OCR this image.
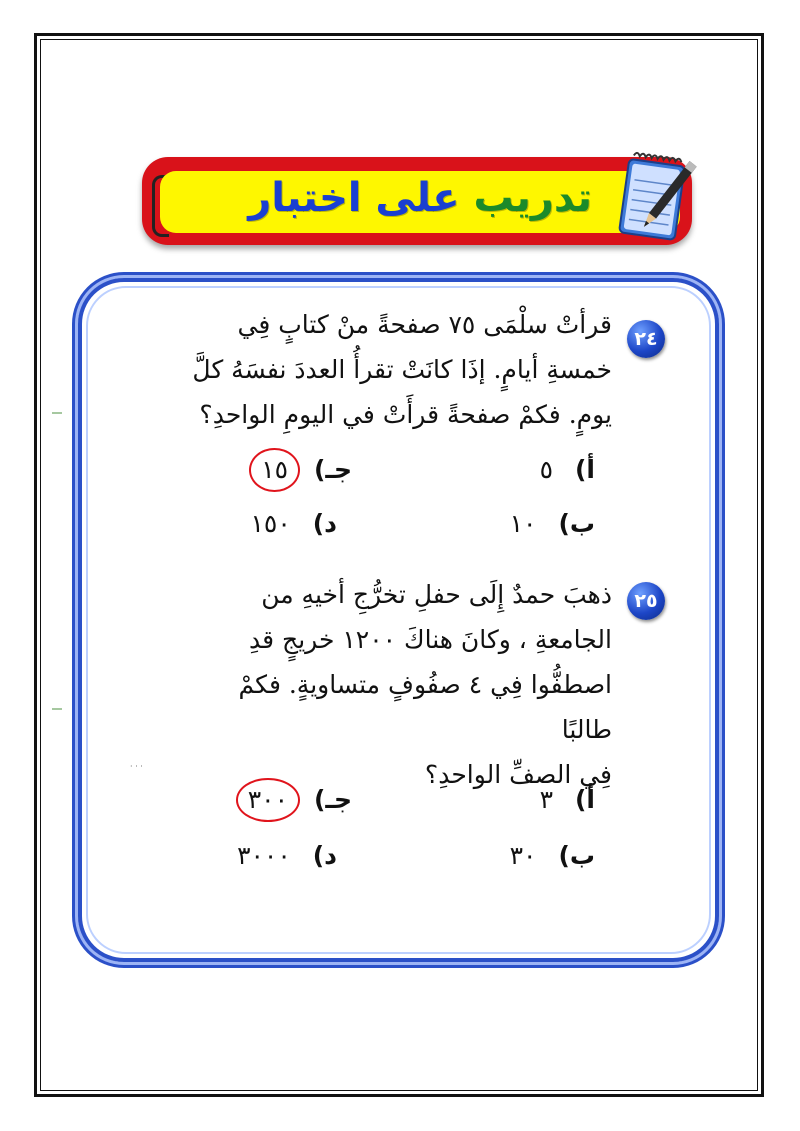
تدريب على اختبار
٢٤
قرأتْ سلْمَى ٧٥ صفحةً منْ كتابٍ فِي
خمسةِ أيامٍ. إذَا كانَتْ تقرأُ العددَ نفسَهُ كلَّ
يومٍ. فكمْ صفحةً قرأَتْ في اليومِ الواحدِ؟
أ) ٥
جـ) ١٥
ب) ١٠
د) ١٥٠
٢٥
ذهبَ حمدٌ إِلَى حفلِ تخرُّجِ أخيهِ من
الجامعةِ ، وكانَ هناكَ ١٢٠٠ خريجٍ قدِ
اصطفُّوا فِي ٤ صفُوفٍ متساويةٍ. فكمْ طالبًا
فِي الصفِّ الواحدِ؟
· · ·
أ) ٣
جـ) ٣٠٠
ب) ٣٠
د) ٣٠٠٠
